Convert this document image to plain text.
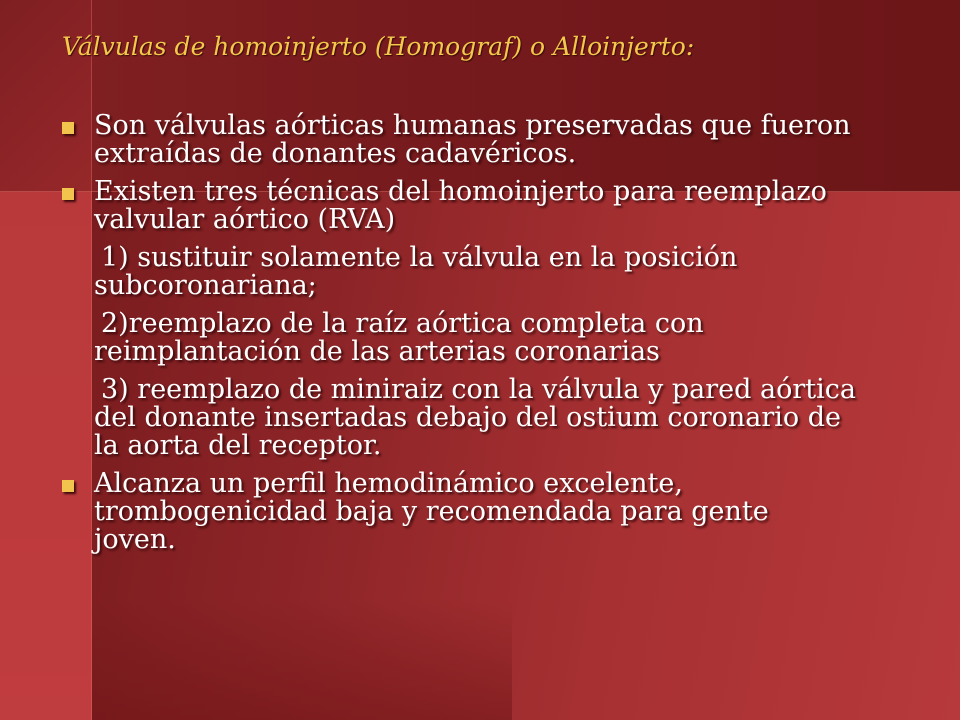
Válvulas de homoinjerto (Homograf) o Alloinjerto:
Son válvulas aórticas humanas preservadas que fueron extraídas de donantes cadavéricos.
Existen tres técnicas del homoinjerto para reemplazo valvular aórtico (RVA)
1) sustituir solamente la válvula en la posición subcoronariana;
2)reemplazo de la raíz aórtica completa con reimplantación de las arterias coronarias
3) reemplazo de miniraiz con la válvula y pared aórtica del donante insertadas debajo del ostium coronario de la aorta del receptor.
Alcanza un perfil hemodinámico excelente, trombogenicidad baja y recomendada para gente joven.
